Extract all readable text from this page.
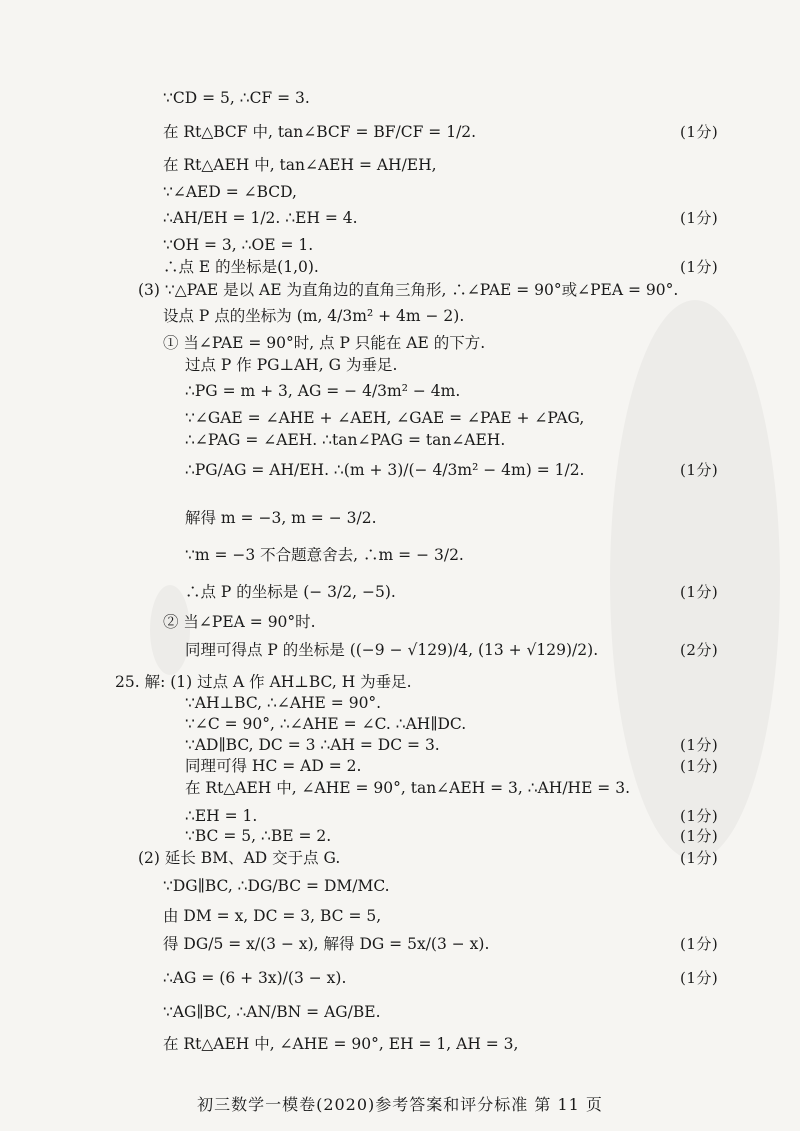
∵CD = 5, ∴CF = 3.
在 Rt△BCF 中, tan∠BCF = BF/CF = 1/2.	(1分)
在 Rt△AEH 中, tan∠AEH = AH/EH,
∵∠AED = ∠BCD,
∴AH/EH = 1/2. ∴EH = 4.	(1分)
∵OH = 3, ∴OE = 1.
∴点 E 的坐标是(1,0).	(1分)
(3) ∵△PAE 是以 AE 为直角边的直角三角形, ∴∠PAE = 90°或∠PEA = 90°.
设点 P 点的坐标为 (m, 4/3m² + 4m − 2).
① 当∠PAE = 90°时, 点 P 只能在 AE 的下方.
过点 P 作 PG⊥AH, G 为垂足.
∴PG = m + 3, AG = − 4/3m² − 4m.
∵∠GAE = ∠AHE + ∠AEH, ∠GAE = ∠PAE + ∠PAG,
∴∠PAG = ∠AEH. ∴tan∠PAG = tan∠AEH.
∴PG/AG = AH/EH. ∴(m + 3)/(− 4/3m² − 4m) = 1/2.	(1分)
解得 m = −3, m = − 3/2.
∵m = −3 不合题意舍去, ∴m = − 3/2.
∴点 P 的坐标是 (− 3/2, −5).	(1分)
② 当∠PEA = 90°时.
同理可得点 P 的坐标是 ((−9 − √129)/4, (13 + √129)/2).	(2分)
25. 解: (1) 过点 A 作 AH⊥BC, H 为垂足.
∵AH⊥BC, ∴∠AHE = 90°.
∵∠C = 90°, ∴∠AHE = ∠C. ∴AH∥DC.
∵AD∥BC, DC = 3 ∴AH = DC = 3.	(1分)
同理可得 HC = AD = 2.	(1分)
在 Rt△AEH 中, ∠AHE = 90°, tan∠AEH = 3, ∴AH/HE = 3.
∴EH = 1.	(1分)
∵BC = 5, ∴BE = 2.	(1分)
(2) 延长 BM、AD 交于点 G.	(1分)
∵DG∥BC, ∴DG/BC = DM/MC.
由 DM = x, DC = 3, BC = 5,
得 DG/5 = x/(3 − x), 解得 DG = 5x/(3 − x).	(1分)
∴AG = (6 + 3x)/(3 − x).	(1分)
∵AG∥BC, ∴AN/BN = AG/BE.
在 Rt△AEH 中, ∠AHE = 90°, EH = 1, AH = 3,
初三数学一模卷(2020)参考答案和评分标准 第 11 页
